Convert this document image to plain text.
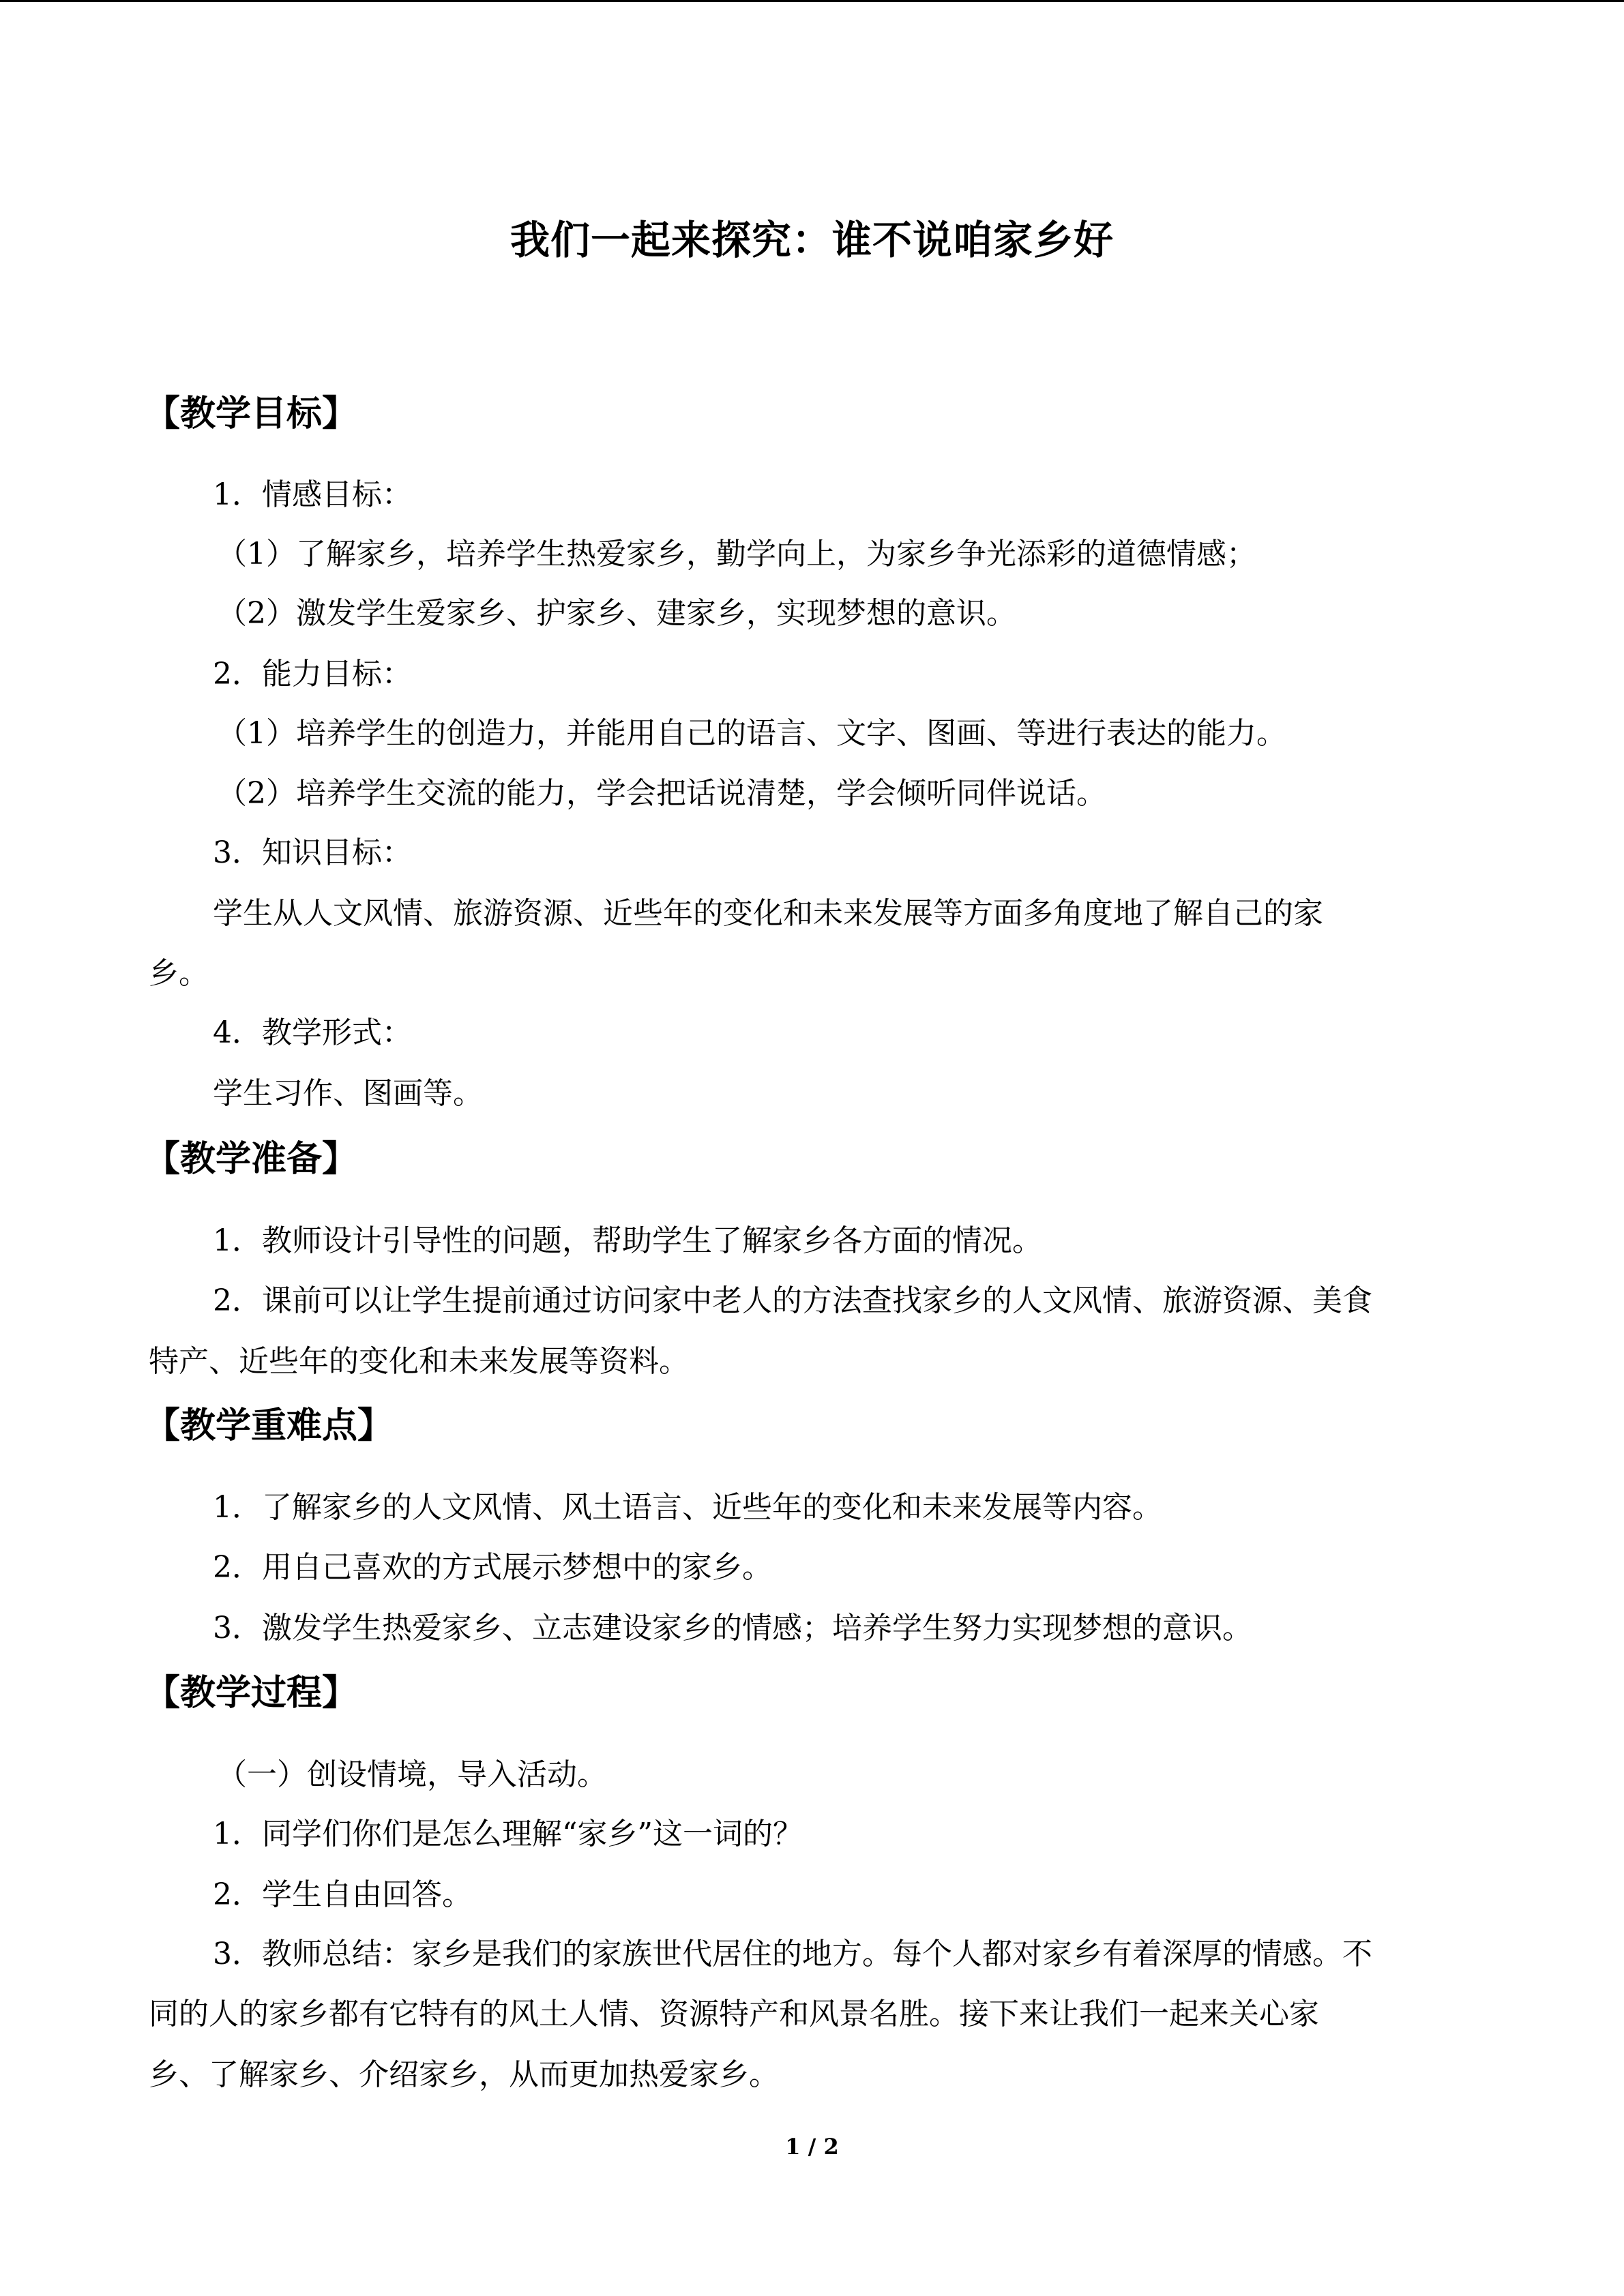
我们一起来探究：谁不说咱家乡好
【教学目标】
1．情感目标：
（1）了解家乡，培养学生热爱家乡，勤学向上，为家乡争光添彩的道德情感；
（2）激发学生爱家乡、护家乡、建家乡，实现梦想的意识。
2．能力目标：
（1）培养学生的创造力，并能用自己的语言、文字、图画、等进行表达的能力。
（2）培养学生交流的能力，学会把话说清楚，学会倾听同伴说话。
3．知识目标：
学生从人文风情、旅游资源、近些年的变化和未来发展等方面多角度地了解自己的家
乡。
4．教学形式：
学生习作、图画等。
【教学准备】
1．教师设计引导性的问题，帮助学生了解家乡各方面的情况。
2．课前可以让学生提前通过访问家中老人的方法查找家乡的人文风情、旅游资源、美食
特产、近些年的变化和未来发展等资料。
【教学重难点】
1．了解家乡的人文风情、风土语言、近些年的变化和未来发展等内容。
2．用自己喜欢的方式展示梦想中的家乡。
3．激发学生热爱家乡、立志建设家乡的情感；培养学生努力实现梦想的意识。
【教学过程】
（一）创设情境，导入活动。
1．同学们你们是怎么理解“家乡”这一词的？
2．学生自由回答。
3．教师总结：家乡是我们的家族世代居住的地方。每个人都对家乡有着深厚的情感。不
同的人的家乡都有它特有的风土人情、资源特产和风景名胜。接下来让我们一起来关心家
乡、了解家乡、介绍家乡，从而更加热爱家乡。
1 / 2
